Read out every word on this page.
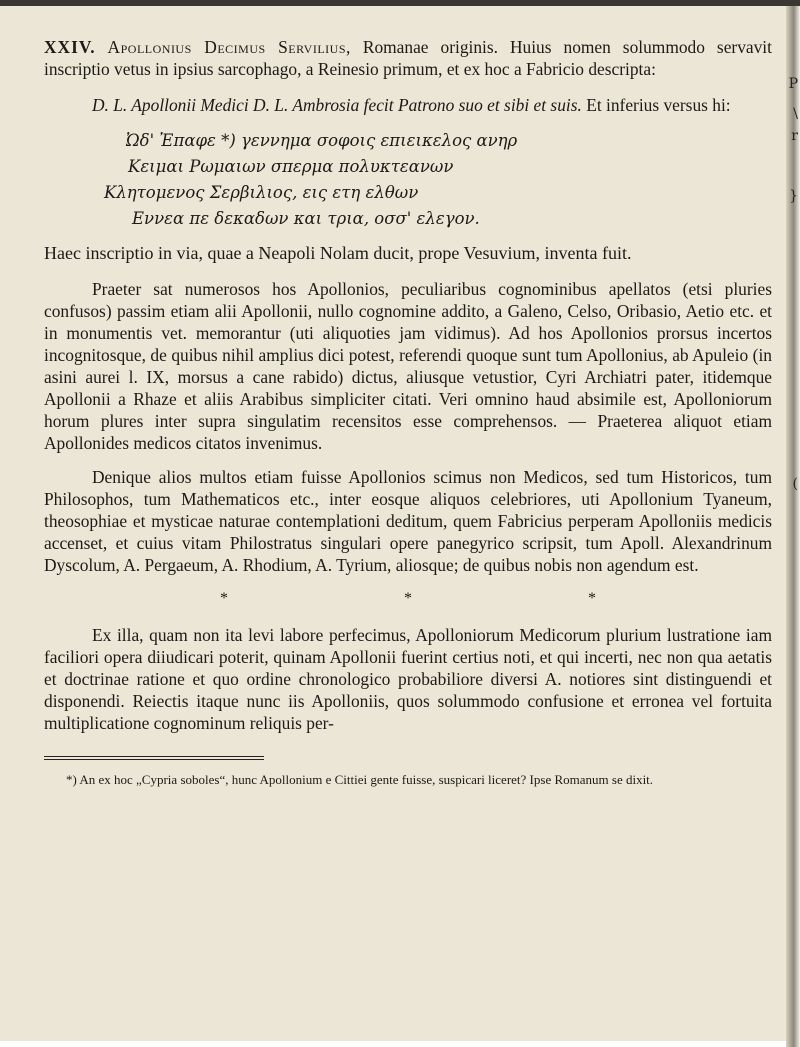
P
\
r
}
(

XXIV. Apollonius Decimus Servilius, Romanae originis. Huius nomen solummodo servavit inscriptio vetus in ipsius sarcophago, a Reinesio primum, et ex hoc a Fabricio descripta:

D. L. Apollonii Medici D. L. Ambrosia fecit Patrono suo et sibi et suis. Et inferius versus hi:

Ὠδ' Ἐπαφε *) γεννημα σοφοις επιεικελος ανηρ
Κειμαι Ρωμαιων σπερμα πολυκτεανων
Κλητομενος Σερβιλιος, εις ετη ελθων
Εννεα πε δεκαδων και τρια, οσσ' ελεγον.

Haec inscriptio in via, quae a Neapoli Nolam ducit, prope Vesuvium, inventa fuit.

Praeter sat numerosos hos Apollonios, peculiaribus cognominibus apellatos (etsi pluries confusos) passim etiam alii Apollonii, nullo cognomine addito, a Galeno, Celso, Oribasio, Aetio etc. et in monumentis vet. memorantur (uti aliquoties jam vidimus). Ad hos Apollonios prorsus incertos incognitosque, de quibus nihil amplius dici potest, referendi quoque sunt tum Apollonius, ab Apuleio (in asini aurei l. IX, morsus a cane rabido) dictus, aliusque vetustior, Cyri Archiatri pater, itidemque Apollonii a Rhaze et aliis Arabibus simpliciter citati. Veri omnino haud absimile est, Apolloniorum horum plures inter supra singulatim recensitos esse comprehensos. — Praeterea aliquot etiam Apollonides medicos citatos invenimus.

Denique alios multos etiam fuisse Apollonios scimus non Medicos, sed tum Historicos, tum Philosophos, tum Mathematicos etc., inter eosque aliquos celebriores, uti Apollonium Tyaneum, theosophiae et mysticae naturae contemplationi deditum, quem Fabricius perperam Apolloniis medicis accenset, et cuius vitam Philostratus singulari opere panegyrico scripsit, tum Apoll. Alexandrinum Dyscolum, A. Pergaeum, A. Rhodium, A. Tyrium, aliosque; de quibus nobis non agendum est.

*	*	*

Ex illa, quam non ita levi labore perfecimus, Apolloniorum Medicorum plurium lustratione iam faciliori opera diiudicari poterit, quinam Apollonii fuerint certius noti, et qui incerti, nec non qua aetatis et doctrinae ratione et quo ordine chronologico probabiliore diversi A. notiores sint distinguendi et disponendi. Reiectis itaque nunc iis Apolloniis, quos solummodo confusione et erronea vel fortuita multiplicatione cognominum reliquis per-

*) An ex hoc „Cypria soboles“, hunc Apollonium e Cittiei gente fuisse, suspicari liceret? Ipse Romanum se dixit.
